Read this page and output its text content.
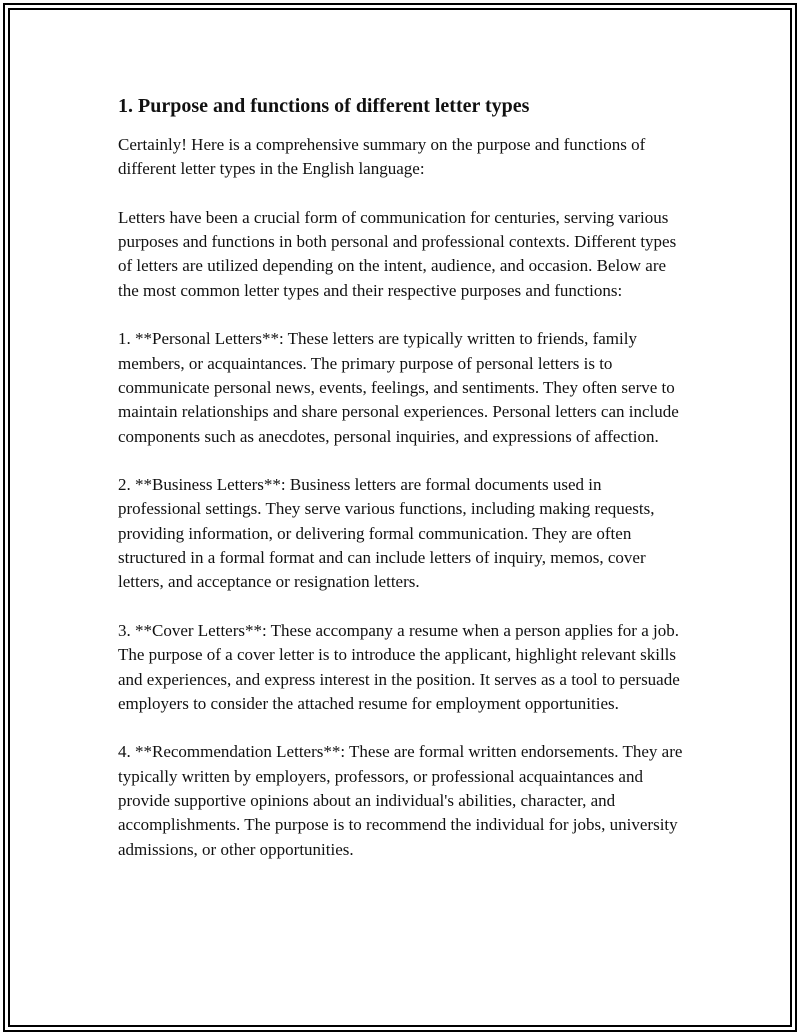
1. Purpose and functions of different letter types

Certainly! Here is a comprehensive summary on the purpose and functions of different letter types in the English language:

Letters have been a crucial form of communication for centuries, serving various purposes and functions in both personal and professional contexts. Different types of letters are utilized depending on the intent, audience, and occasion. Below are the most common letter types and their respective purposes and functions:

1. **Personal Letters**: These letters are typically written to friends, family members, or acquaintances. The primary purpose of personal letters is to communicate personal news, events, feelings, and sentiments. They often serve to maintain relationships and share personal experiences. Personal letters can include components such as anecdotes, personal inquiries, and expressions of affection.

2. **Business Letters**: Business letters are formal documents used in professional settings. They serve various functions, including making requests, providing information, or delivering formal communication. They are often structured in a formal format and can include letters of inquiry, memos, cover letters, and acceptance or resignation letters.

3. **Cover Letters**: These accompany a resume when a person applies for a job. The purpose of a cover letter is to introduce the applicant, highlight relevant skills and experiences, and express interest in the position. It serves as a tool to persuade employers to consider the attached resume for employment opportunities.

4. **Recommendation Letters**: These are formal written endorsements. They are typically written by employers, professors, or professional acquaintances and provide supportive opinions about an individual's abilities, character, and accomplishments. The purpose is to recommend the individual for jobs, university admissions, or other opportunities.
